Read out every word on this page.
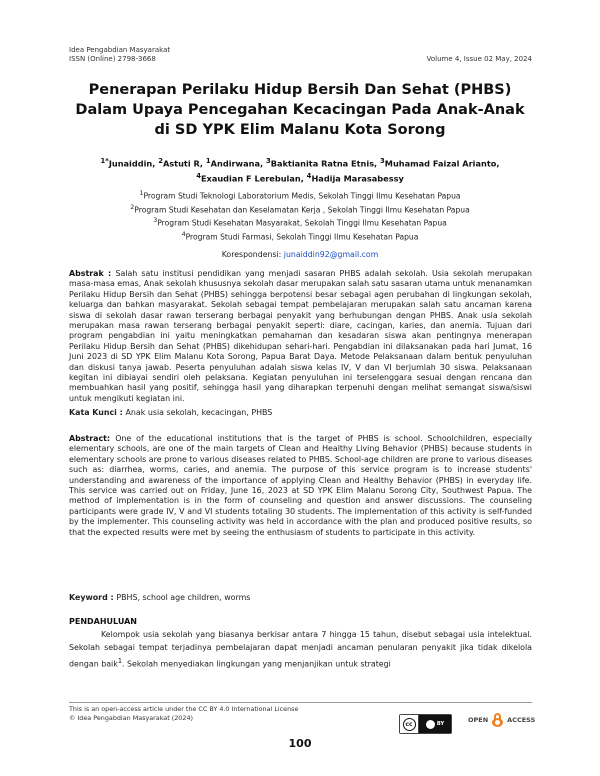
Idea Pengabdian Masyarakat
ISSN (Online) 2798-3668	Volume 4, Issue 02 May, 2024
Penerapan Perilaku Hidup Bersih Dan Sehat (PHBS)
Dalam Upaya Pencegahan Kecacingan Pada Anak-Anak
di SD YPK Elim Malanu Kota Sorong
$^{1*}$Junaiddin, $^2$Astuti R, $^1$Andirwana, $^3$Baktianita Ratna Etnis, $^3$Muhamad Faizal Arianto,
$^4$Exaudian F Lerebulan, $^4$Hadija Marasabessy
$^1$Program Studi Teknologi Laboratorium Medis, Sekolah Tinggi Ilmu Kesehatan Papua
$^2$Program Studi Kesehatan dan Keselamatan Kerja , Sekolah Tinggi Ilmu Kesehatan Papua
$^3$Program Studi Kesehatan Masyarakat, Sekolah Tinggi Ilmu Kesehatan Papua
$^4$Program Studi Farmasi, Sekolah Tinggi Ilmu Kesehatan Papua
Korespondensi: junaiddin92@gmail.com
Abstrak : Salah satu institusi pendidikan yang menjadi sasaran PHBS adalah sekolah. Usia sekolah merupakan masa-masa emas, Anak sekolah khususnya sekolah dasar merupakan salah satu sasaran utama untuk menanamkan Perilaku Hidup Bersih dan Sehat (PHBS) sehingga berpotensi besar sebagai agen perubahan di lingkungan sekolah, keluarga dan bahkan masyarakat. Sekolah sebagai tempat pembelajaran merupakan salah satu ancaman karena siswa di sekolah dasar rawan terserang berbagai penyakit yang berhubungan dengan PHBS. Anak usia sekolah merupakan masa rawan terserang berbagai penyakit seperti: diare, cacingan, karies, dan anemia. Tujuan dari program pengabdian ini yaitu meningkatkan pemahaman dan kesadaran siswa akan pentingnya menerapan Perilaku Hidup Bersih dan Sehat (PHBS) dikehidupan sehari-hari. Pengabdian ini dilaksanakan pada hari Jumat, 16 Juni 2023 di SD YPK Elim Malanu Kota Sorong, Papua Barat Daya. Metode Pelaksanaan dalam bentuk penyuluhan dan diskusi tanya jawab. Peserta penyuluhan adalah siswa kelas IV, V dan VI berjumlah 30 siswa. Pelaksanaan kegitan ini dibiayai sendiri oleh pelaksana. Kegiatan penyuluhan ini terselenggara sesuai dengan rencana dan membuahkan hasil yang positif, sehingga hasil yang diharapkan terpenuhi dengan melihat semangat siswa/siswi untuk mengikuti kegiatan ini.
Kata Kunci : Anak usia sekolah, kecacingan, PHBS
Abstract: One of the educational institutions that is the target of PHBS is school. Schoolchildren, especially elementary schools, are one of the main targets of Clean and Healthy Living Behavior (PHBS) because students in elementary schools are prone to various diseases related to PHBS. School-age children are prone to various diseases such as: diarrhea, worms, caries, and anemia. The purpose of this service program is to increase students' understanding and awareness of the importance of applying Clean and Healthy Behavior (PHBS) in everyday life. This service was carried out on Friday, June 16, 2023 at SD YPK Elim Malanu Sorong City, Southwest Papua. The method of implementation is in the form of counseling and question and answer discussions. The counseling participants were grade IV, V and VI students totaling 30 students. The implementation of this activity is self-funded by the implementer. This counseling activity was held in accordance with the plan and produced positive results, so that the expected results were met by seeing the enthusiasm of students to participate in this activity.
Keyword : PBHS, school age children, worms
PENDAHULUAN
Kelompok usia sekolah yang biasanya berkisar antara 7 hingga 15 tahun, disebut sebagai usia intelektual. Sekolah sebagai tempat terjadinya pembelajaran dapat menjadi ancaman penularan penyakit jika tidak dikelola dengan baik$^1$. Sekolah menyediakan lingkungan yang menjanjikan untuk strategi
This is an open-access article under the CC BY 4.0 International License
© Idea Pengabdian Masyarakat (2024)
cc	BY	OPEN	ACCESS
100
